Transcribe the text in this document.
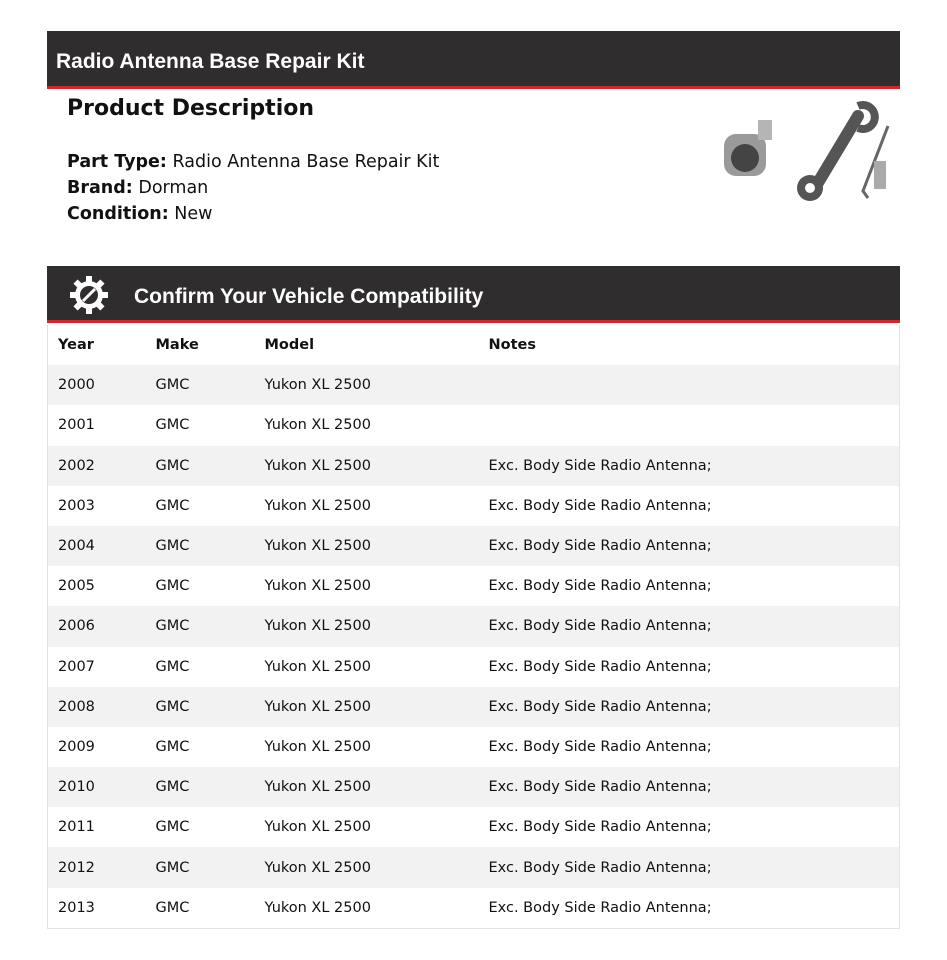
Radio Antenna Base Repair Kit
Product Description
Part Type: Radio Antenna Base Repair Kit
Brand: Dorman
Condition: New
Confirm Your Vehicle Compatibility
Year	Make	Model	Notes
2000	GMC	Yukon XL 2500	
2001	GMC	Yukon XL 2500	
2002	GMC	Yukon XL 2500	Exc. Body Side Radio Antenna;
2003	GMC	Yukon XL 2500	Exc. Body Side Radio Antenna;
2004	GMC	Yukon XL 2500	Exc. Body Side Radio Antenna;
2005	GMC	Yukon XL 2500	Exc. Body Side Radio Antenna;
2006	GMC	Yukon XL 2500	Exc. Body Side Radio Antenna;
2007	GMC	Yukon XL 2500	Exc. Body Side Radio Antenna;
2008	GMC	Yukon XL 2500	Exc. Body Side Radio Antenna;
2009	GMC	Yukon XL 2500	Exc. Body Side Radio Antenna;
2010	GMC	Yukon XL 2500	Exc. Body Side Radio Antenna;
2011	GMC	Yukon XL 2500	Exc. Body Side Radio Antenna;
2012	GMC	Yukon XL 2500	Exc. Body Side Radio Antenna;
2013	GMC	Yukon XL 2500	Exc. Body Side Radio Antenna;
